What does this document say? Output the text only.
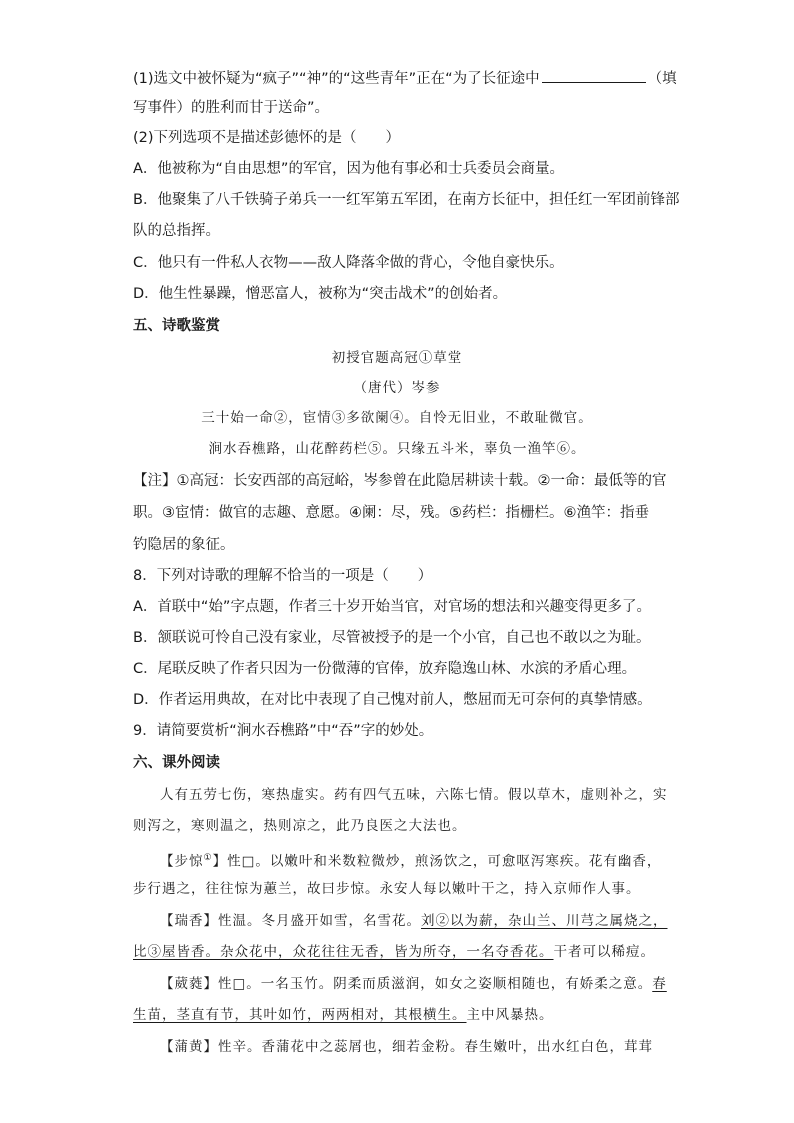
(1)选文中被怀疑为“疯子”“神”的“这些青年”正在“为了长征途中	（填
写事件）的胜利而甘于送命”。
(2)下列选项不是描述彭德怀的是（　　）
A．他被称为“自由思想”的军官，因为他有事必和士兵委员会商量。
B．他聚集了八千铁骑子弟兵一一红军第五军团，在南方长征中，担任红一军团前锋部
队的总指挥。
C．他只有一件私人衣物——敌人降落伞做的背心，令他自豪快乐。
D．他生性暴躁，憎恶富人，被称为“突击战术”的创始者。
五、诗歌鉴赏
初授官题高冠①草堂
（唐代）岑参
三十始一命②，宦情③多欲阑④。自怜无旧业，不敢耻微官。
涧水吞樵路，山花醉药栏⑤。只缘五斗米，辜负一渔竿⑥。
【注】①高冠：长安西部的高冠峪，岑参曾在此隐居耕读十载。②一命：最低等的官
职。③宦情：做官的志趣、意愿。④阑：尽，残。⑤药栏：指栅栏。⑥渔竿：指垂
钓隐居的象征。
8．下列对诗歌的理解不恰当的一项是（　　）
A．首联中“始”字点题，作者三十岁开始当官，对官场的想法和兴趣变得更多了。
B．颔联说可怜自己没有家业，尽管被授予的是一个小官，自己也不敢以之为耻。
C．尾联反映了作者只因为一份微薄的官俸，放弃隐逸山林、水滨的矛盾心理。
D．作者运用典故，在对比中表现了自己愧对前人，憋屈而无可奈何的真挚情感。
9．请简要赏析“涧水吞樵路”中“吞”字的妙处。
六、课外阅读
人有五劳七伤，寒热虚实。药有四气五味，六陈七情。假以草木，虚则补之，实
则泻之，寒则温之，热则凉之，此乃良医之大法也。
【步惊①】性□。以嫩叶和米数粒微炒，煎汤饮之，可愈呕泻寒疾。花有幽香，
步行遇之，往往惊为蕙兰，故曰步惊。永安人每以嫩叶干之，持入京师作人事。
【瑞香】性温。冬月盛开如雪，名雪花。刘②以为薪，杂山兰、川芎之属烧之，
比③屋皆香。杂众花中，众花往往无香，皆为所夺，一名夺香花。干者可以稀痘。
【葳蕤】性□。一名玉竹。阴柔而质滋润，如女之姿顺相随也，有娇柔之意。春
生苗，茎直有节，其叶如竹，两两相对，其根横生。主中风暴热。
【蒲黄】性辛。香蒲花中之蕊屑也，细若金粉。春生嫩叶，出水红白色，茸茸
